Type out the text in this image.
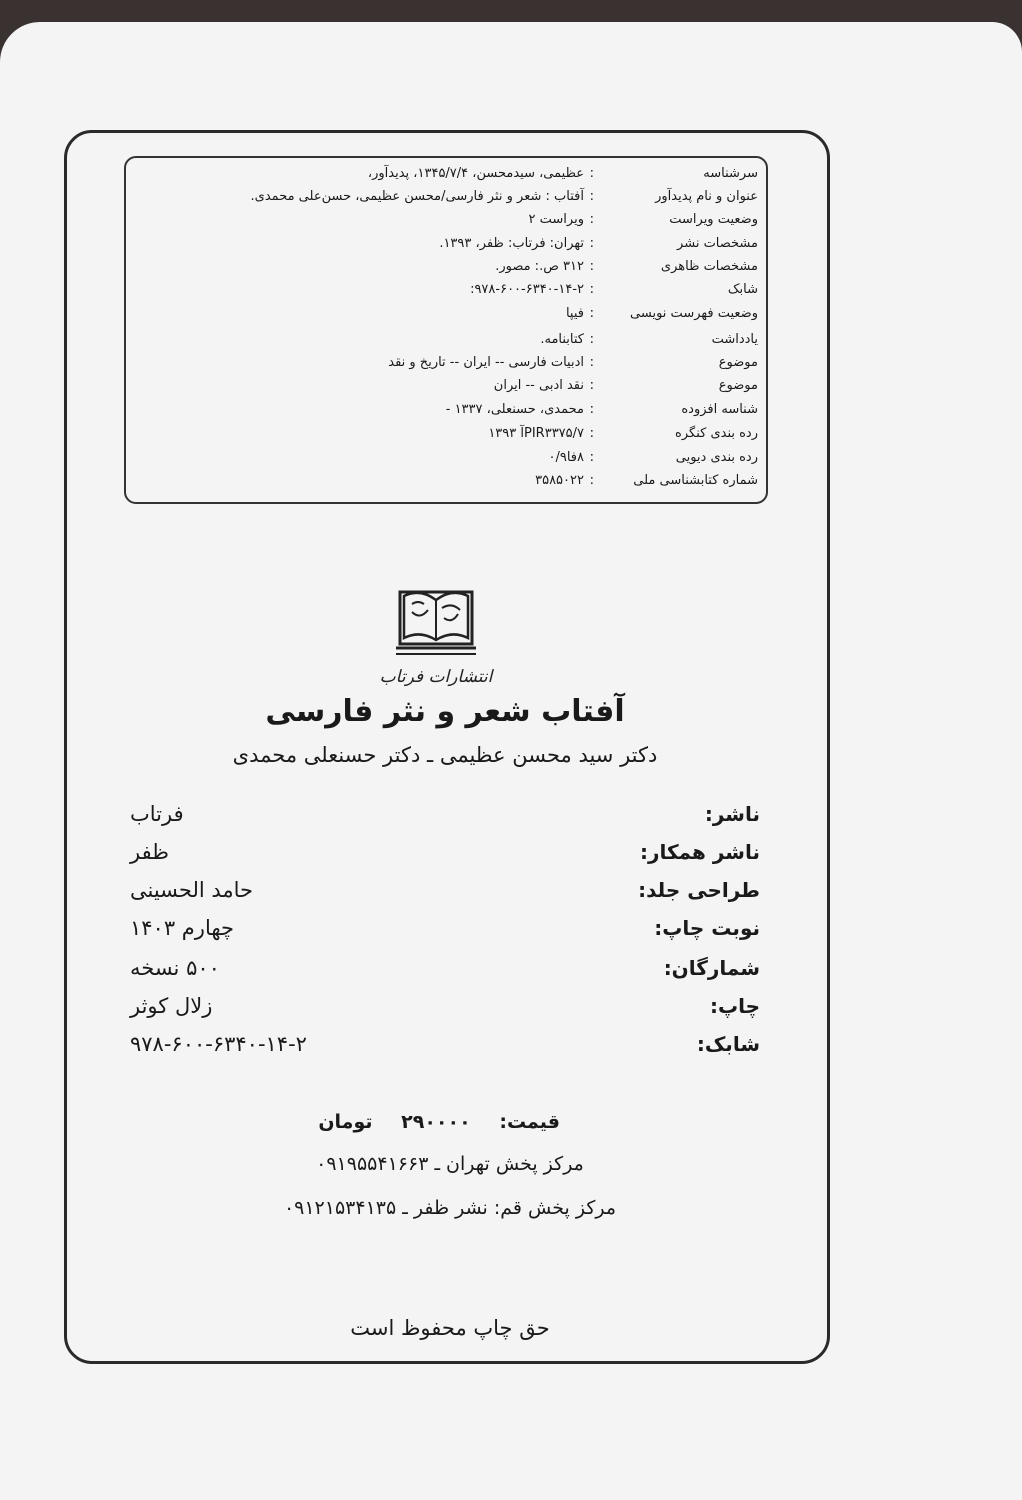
سرشناسه
:
عظیمی، سیدمحسن، ۱۳۴۵/۷/۴، پدیدآور،
عنوان و نام پدیدآور
:
آفتاب : شعر و نثر فارسی/محسن عظیمی، حسن‌علی محمدی.
وضعیت ویراست
:
ویراست ۲
مشخصات نشر
:
تهران: فرتاب: ظفر، ۱۳۹۳.
مشخصات ظاهری
:
۳۱۲ ص.: مصور.
شابک
:
۹۷۸-۶۰۰-۶۳۴۰-۱۴-۲:
وضعیت فهرست نویسی
:
فیپا
یادداشت
:
کتابنامه.
موضوع
:
ادبیات فارسی -- ایران -- تاریخ و نقد
موضوع
:
نقد ادبی -- ایران
شناسه افزوده
:
محمدی، حسنعلی، ۱۳۳۷ -
رده بندی کنگره
:
PIR۳۳۷۵/۷آ ۱۳۹۳
رده بندی دیویی
:
۸فا۰/۹
شماره کتابشناسی ملی
:
۳۵۸۵۰۲۲
انتشارات فرتاب
آفتاب شعر و نثر فارسی
دکتر سید محسن عظیمی ـ دکتر حسنعلی محمدی
ناشر:
فرتاب
ناشر همکار:
ظفر
طراحی جلد:
حامد الحسینی
نوبت چاپ:
چهارم ۱۴۰۳
شمارگان:
۵۰۰ نسخه
چاپ:
زلال کوثر
شابک:
۹۷۸-۶۰۰-۶۳۴۰-۱۴-۲
قیمت: ۲۹۰۰۰۰ تومان
مرکز پخش تهران ـ ۰۹۱۹۵۵۴۱۶۶۳
مرکز پخش قم: نشر ظفر ـ ۰۹۱۲۱۵۳۴۱۳۵
حق چاپ محفوظ است
